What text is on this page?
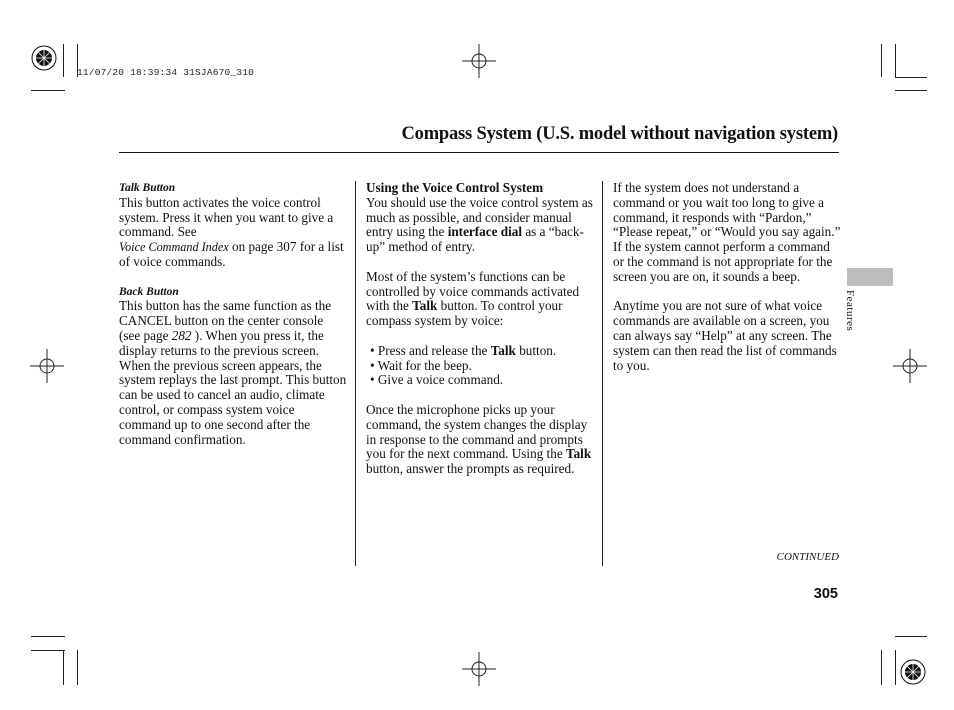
11/07/20 18:39:34 31SJA670_310
Compass System (U.S. model without navigation system)

Talk Button

This button activates the voice control system. Press it when you want to give a command. See
Voice Command Index on page 307 for a list of voice commands.

Back Button

This button has the same function as the CANCEL button on the center console (see page 282 ). When you press it, the display returns to the previous screen. When the previous screen appears, the system replays the last prompt. This button can be used to cancel an audio, climate control, or compass system voice command up to one second after the command confirmation.

Using the Voice Control System

You should use the voice control system as much as possible, and consider manual entry using the interface dial as a “back-up” method of entry.

Most of the system’s functions can be controlled by voice commands activated with the Talk button. To control your compass system by voice:

• Press and release the Talk button.
• Wait for the beep.
• Give a voice command.

Once the microphone picks up your command, the system changes the display in response to the command and prompts you for the next command. Using the Talk button, answer the prompts as required.

If the system does not understand a command or you wait too long to give a command, it responds with “Pardon,” “Please repeat,” or “Would you say again.” If the system cannot perform a command or the command is not appropriate for the screen you are on, it sounds a beep.

Anytime you are not sure of what voice commands are available on a screen, you can always say “Help” at any screen. The system can then read the list of commands to you.

Features
CONTINUED
305
